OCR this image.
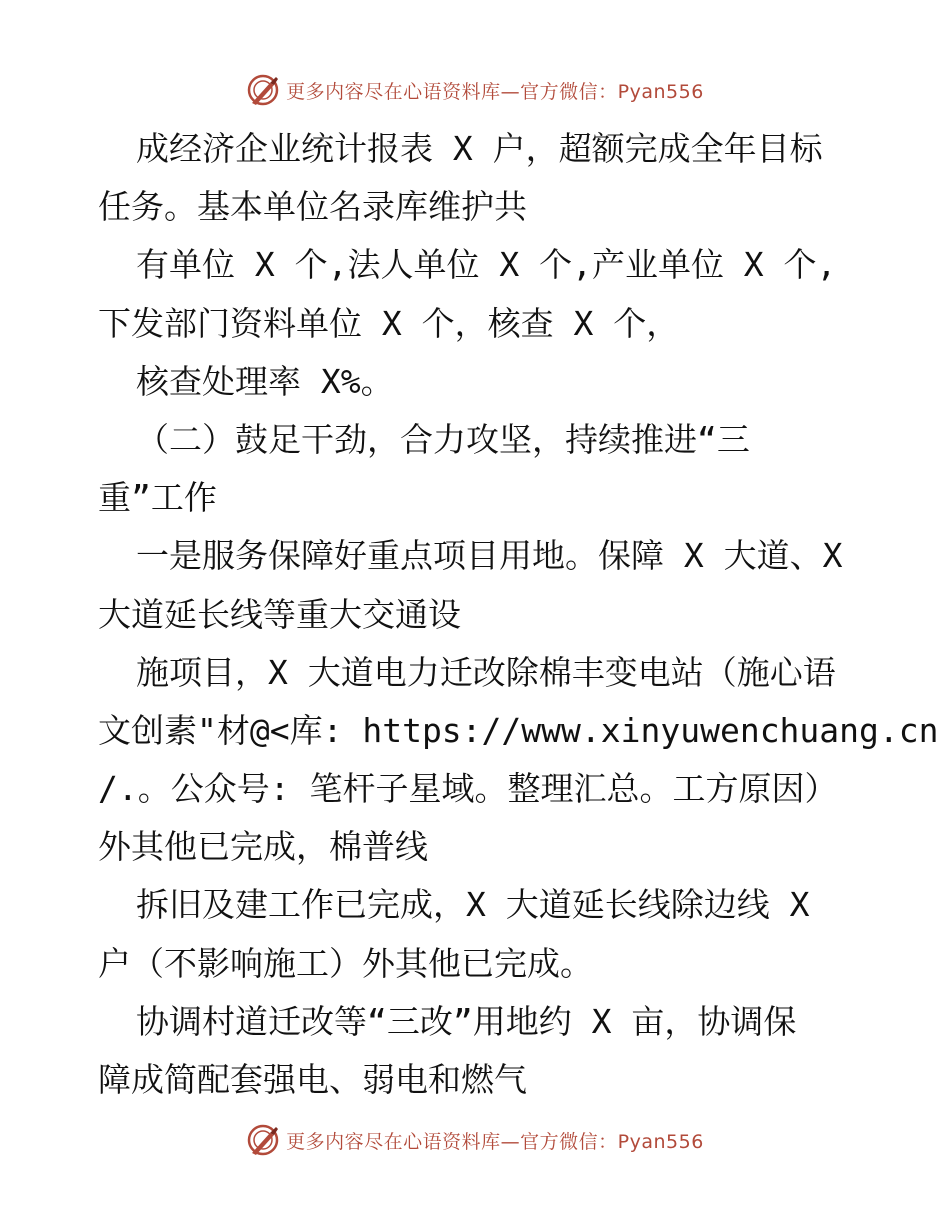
更多内容尽在心语资料库—官方微信：Pyan556
成经济企业统计报表 X 户，超额完成全年目标
任务。基本单位名录库维护共
有单位 X 个,法人单位 X 个,产业单位 X 个,
下发部门资料单位 X 个，核查 X 个，
核查处理率 X%。
（二）鼓足干劲，合力攻坚，持续推进“三
重”工作
一是服务保障好重点项目用地。保障 X 大道、X
大道延长线等重大交通设
施项目，X 大道电力迁改除棉丰变电站（施心语
文创素"材@<库: https://www.xinyuwenchuang.cn
/.。公众号: 笔杆子星域。整理汇总。工方原因）
外其他已完成，棉普线
拆旧及建工作已完成，X 大道延长线除边线 X
户（不影响施工）外其他已完成。
协调村道迁改等“三改”用地约 X 亩，协调保
障成简配套强电、弱电和燃气
更多内容尽在心语资料库—官方微信：Pyan556
